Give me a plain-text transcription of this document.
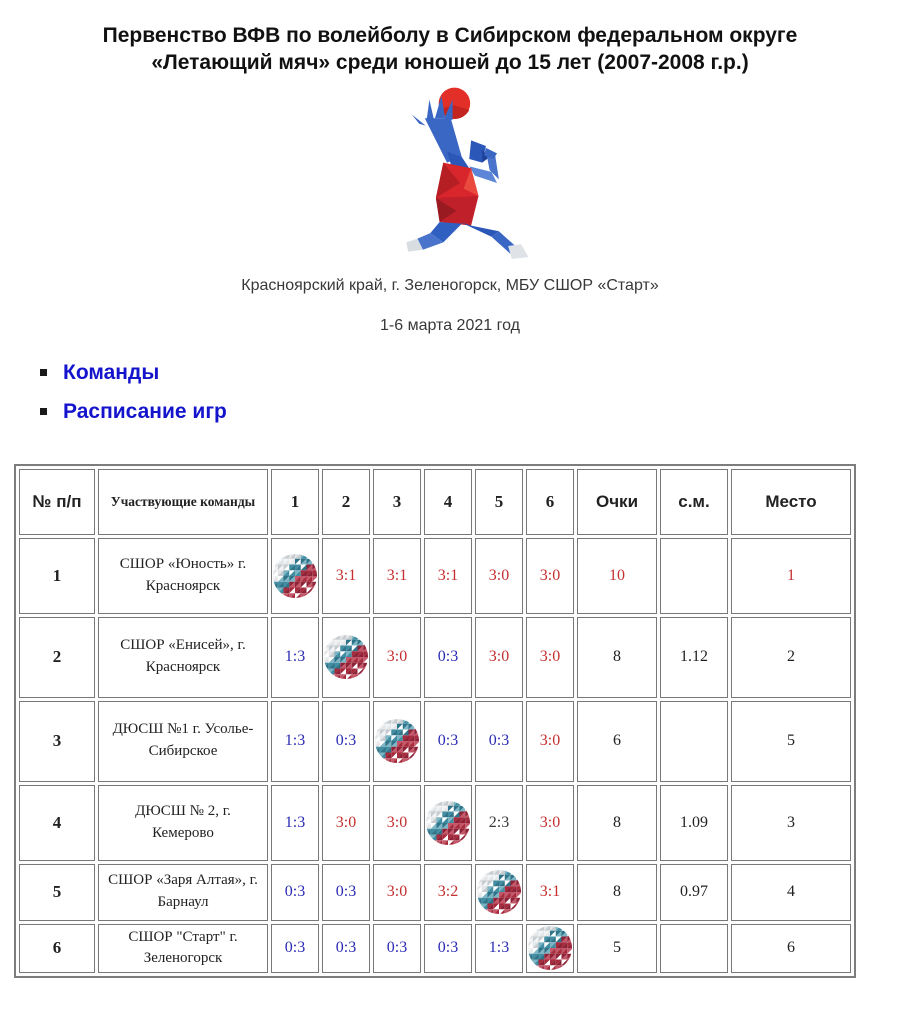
Первенство ВФВ по волейболу в Сибирском федеральном округе
«Летающий мяч» среди юношей до 15 лет (2007-2008 г.р.)

Красноярский край, г. Зеленогорск, МБУ СШОР «Старт»

1-6 марта 2021 год

Команды
Расписание игр
№ п/п	Участвующие команды	1	2	3	4	5	6	Очки	с.м.	Место
1	СШОР «Юность» г. Красноярск		3:1	3:1	3:1	3:0	3:0	10		1
2	СШОР «Енисей», г. Красноярск	1:3		3:0	0:3	3:0	3:0	8	1.12	2
3	ДЮСШ №1 г. Усолье-Сибирское	1:3	0:3		0:3	0:3	3:0	6		5
4	ДЮСШ № 2, г. Кемерово	1:3	3:0	3:0		2:3	3:0	8	1.09	3
5	СШОР «Заря Алтая», г. Барнаул	0:3	0:3	3:0	3:2		3:1	8	0.97	4
6	СШОР "Старт" г. Зеленогорск	0:3	0:3	0:3	0:3	1:3		5		6
